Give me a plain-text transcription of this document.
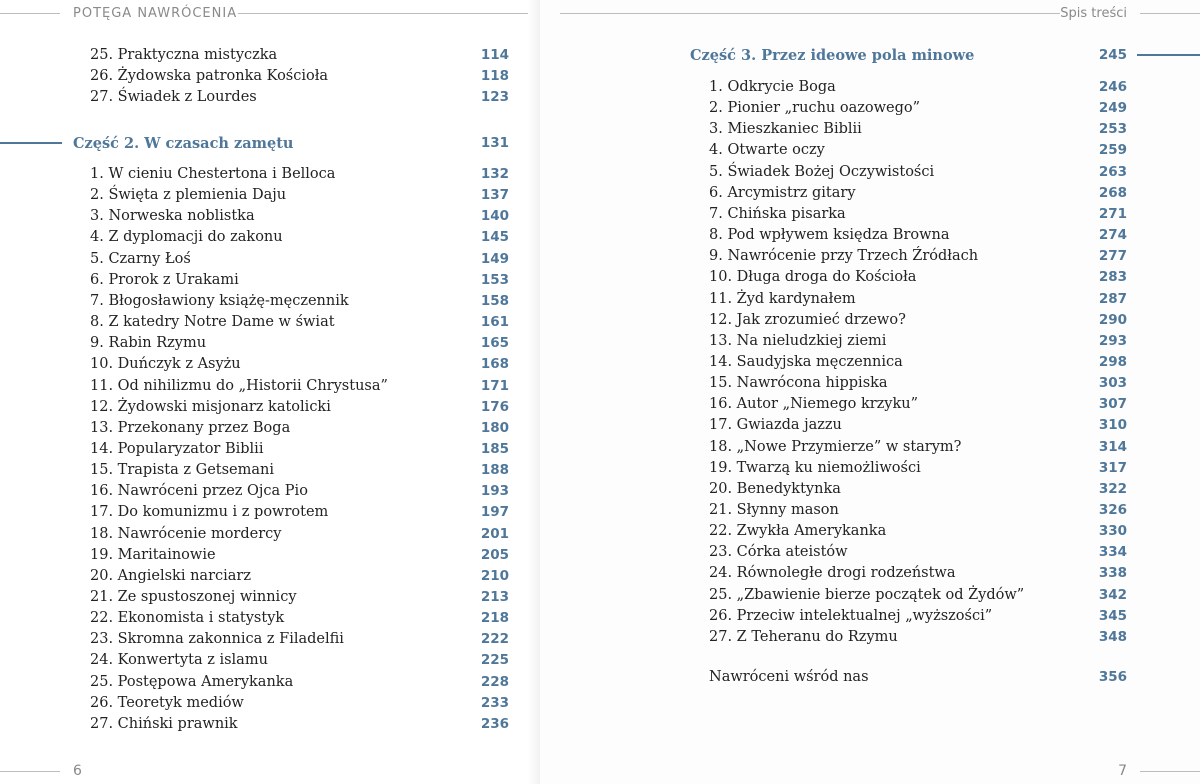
POTĘGA NAWRÓCENIA
25. Praktyczna mistyczka	114
26. Żydowska patronka Kościoła	118
27. Świadek z Lourdes	123
Część 2. W czasach zamętu	131
1. W cieniu Chestertona i Belloca	132
2. Święta z plemienia Daju	137
3. Norweska noblistka	140
4. Z dyplomacji do zakonu	145
5. Czarny Łoś	149
6. Prorok z Urakami	153
7. Błogosławiony książę-męczennik	158
8. Z katedry Notre Dame w świat	161
9. Rabin Rzymu	165
10. Duńczyk z Asyżu	168
11. Od nihilizmu do „Historii Chrystusa”	171
12. Żydowski misjonarz katolicki	176
13. Przekonany przez Boga	180
14. Popularyzator Biblii	185
15. Trapista z Getsemani	188
16. Nawróceni przez Ojca Pio	193
17. Do komunizmu i z powrotem	197
18. Nawrócenie mordercy	201
19. Maritainowie	205
20. Angielski narciarz	210
21. Ze spustoszonej winnicy	213
22. Ekonomista i statystyk	218
23. Skromna zakonnica z Filadelfii	222
24. Konwertyta z islamu	225
25. Postępowa Amerykanka	228
26. Teoretyk mediów	233
27. Chiński prawnik	236
6
Spis treści
Część 3. Przez ideowe pola minowe	245
1. Odkrycie Boga	246
2. Pionier „ruchu oazowego”	249
3. Mieszkaniec Biblii	253
4. Otwarte oczy	259
5. Świadek Bożej Oczywistości	263
6. Arcymistrz gitary	268
7. Chińska pisarka	271
8. Pod wpływem księdza Browna	274
9. Nawrócenie przy Trzech Źródłach	277
10. Długa droga do Kościoła	283
11. Żyd kardynałem	287
12. Jak zrozumieć drzewo?	290
13. Na nieludzkiej ziemi	293
14. Saudyjska męczennica	298
15. Nawrócona hippiska	303
16. Autor „Niemego krzyku”	307
17. Gwiazda jazzu	310
18. „Nowe Przymierze” w starym?	314
19. Twarzą ku niemożliwości	317
20. Benedyktynka	322
21. Słynny mason	326
22. Zwykła Amerykanka	330
23. Córka ateistów	334
24. Równoległe drogi rodzeństwa	338
25. „Zbawienie bierze początek od Żydów”	342
26. Przeciw intelektualnej „wyższości”	345
27. Z Teheranu do Rzymu	348
Nawróceni wśród nas	356
7
